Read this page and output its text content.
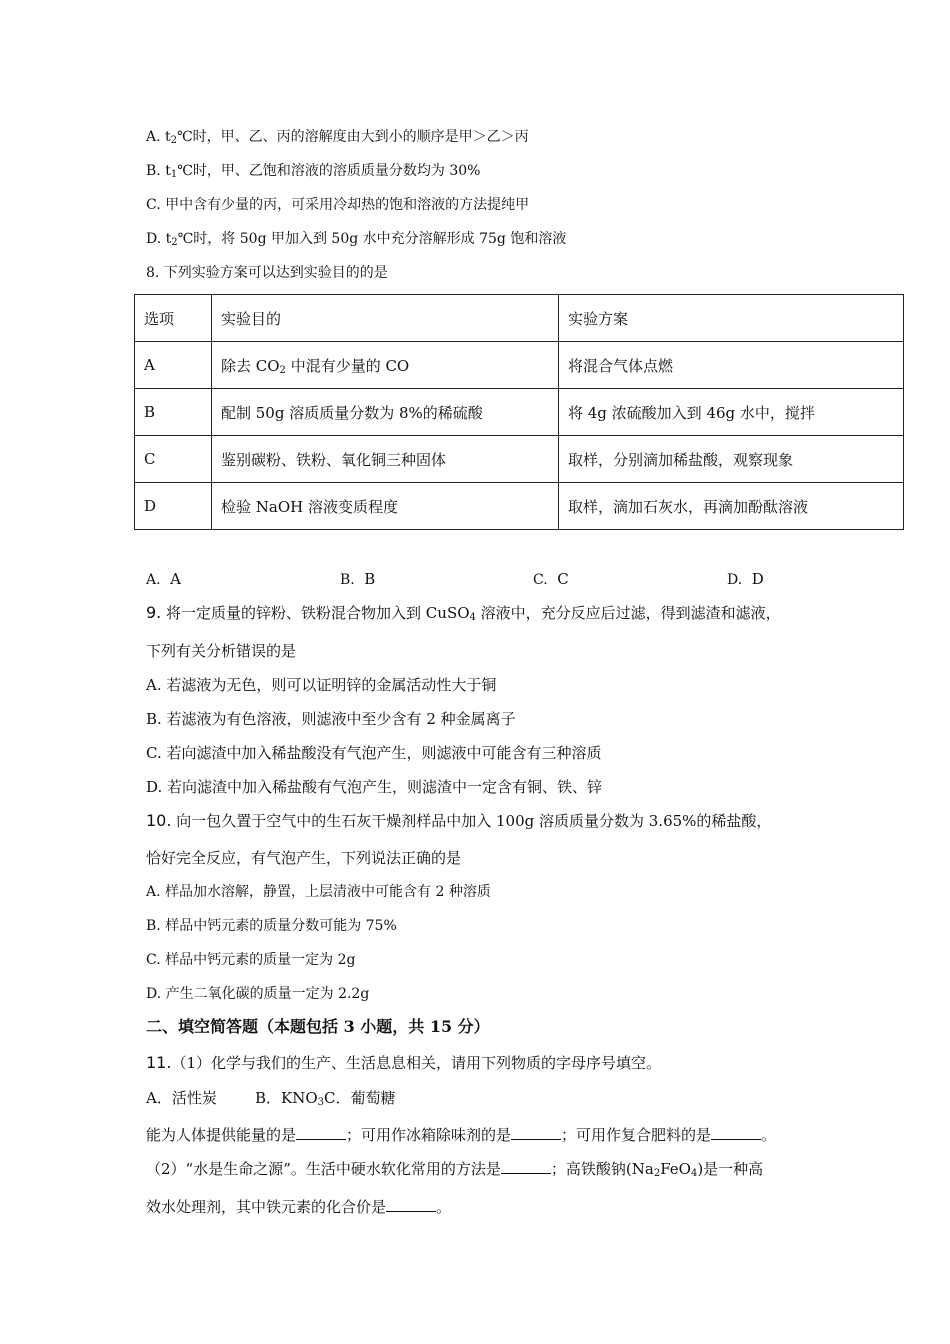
A. $t_2℃$时，甲、乙、丙的溶解度由大到小的顺序是甲＞乙＞丙
B. $t_1℃$时，甲、乙饱和溶液的溶质质量分数均为 30%
C. 甲中含有少量的丙，可采用冷却热的饱和溶液的方法提纯甲
D. $t_2℃$时，将 50g 甲加入到 50g 水中充分溶解形成 75g 饱和溶液
8. 下列实验方案可以达到实验目的的是
选项	实验目的	实验方案
A	除去 $CO_2$ 中混有少量的 CO	将混合气体点燃
B	配制 50g 溶质质量分数为 8%的稀硫酸	将 4g 浓硫酸加入到 46g 水中，搅拌
C	鉴别碳粉、铁粉、氧化铜三种固体	取样，分别滴加稀盐酸，观察现象
D	检验 NaOH 溶液变质程度	取样，滴加石灰水，再滴加酚酞溶液
A. A	B. B	C. C	D. D
9. 将一定质量的锌粉、铁粉混合物加入到 CuSO$_4$ 溶液中，充分反应后过滤，得到滤渣和滤液，
下列有关分析错误的是
A. 若滤液为无色，则可以证明锌的金属活动性大于铜
B. 若滤液为有色溶液，则滤液中至少含有 2 种金属离子
C. 若向滤渣中加入稀盐酸没有气泡产生，则滤液中可能含有三种溶质
D. 若向滤渣中加入稀盐酸有气泡产生，则滤渣中一定含有铜、铁、锌
10. 向一包久置于空气中的生石灰干燥剂样品中加入 100g 溶质质量分数为 3.65%的稀盐酸，
恰好完全反应，有气泡产生，下列说法正确的是
A. 样品加水溶解，静置，上层清液中可能含有 2 种溶质
B. 样品中钙元素的质量分数可能为 75%
C. 样品中钙元素的质量一定为 2g
D. 产生二氧化碳的质量一定为 2.2g
二、填空简答题（本题包括 3 小题，共 15 分）
11.（1）化学与我们的生产、生活息息相关，请用下列物质的字母序号填空。
A．活性炭	B．$KNO_3C$．葡萄糖
能为人体提供能量的是	；可用作冰箱除味剂的是	；可用作复合肥料的是	。
（2）“水是生命之源”。生活中硬水软化常用的方法是	；高铁酸钠$(Na_2FeO_4)$是一种高
效水处理剂，其中铁元素的化合价是	。
